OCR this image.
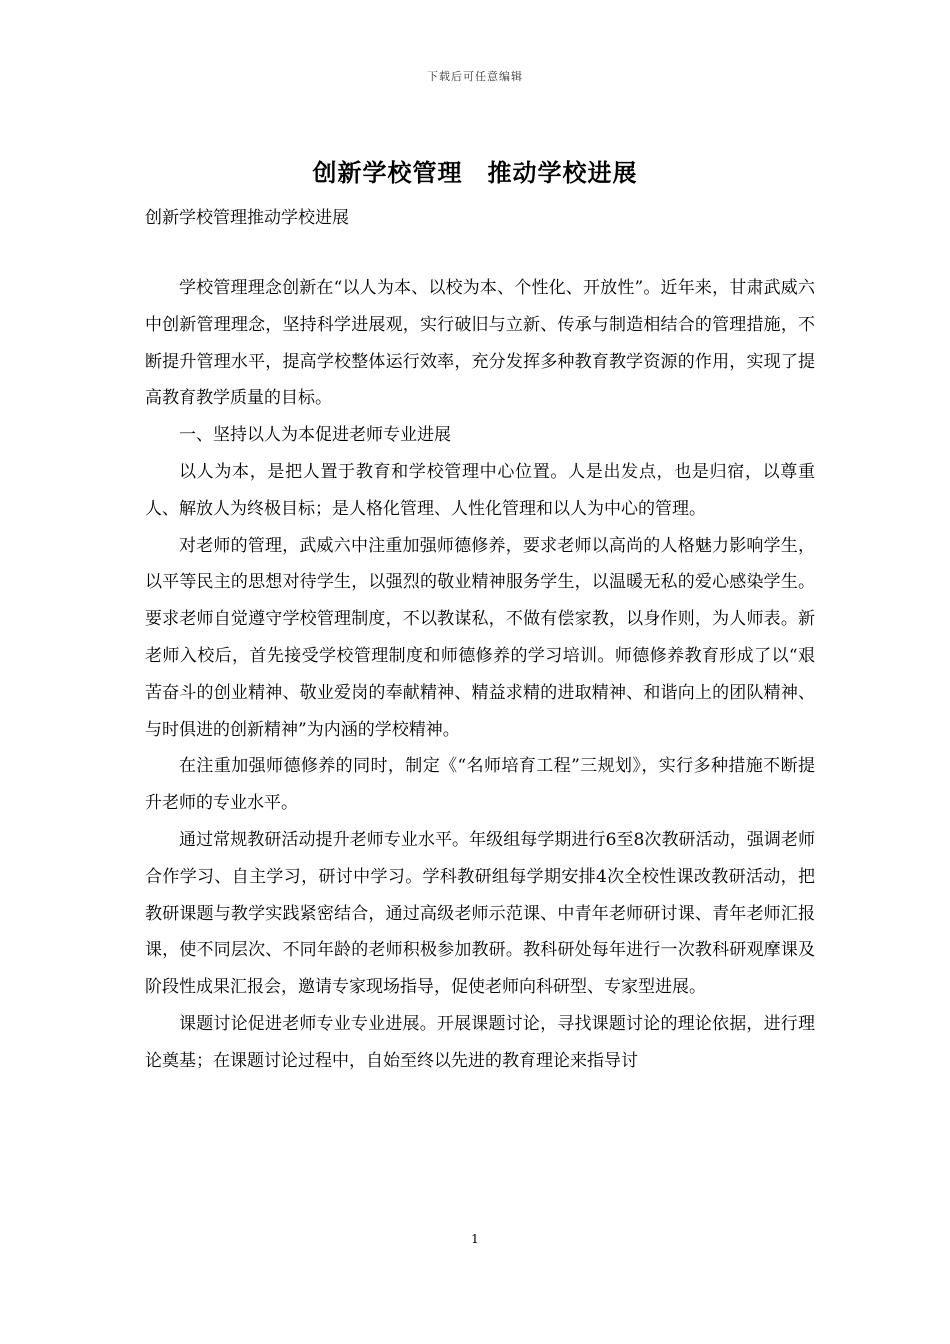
下载后可任意编辑
创新学校管理　推动学校进展
创新学校管理推动学校进展

学校管理理念创新在“以人为本、以校为本、个性化、开放性”。近年来，甘肃武威六中创新管理理念，坚持科学进展观，实行破旧与立新、传承与制造相结合的管理措施，不断提升管理水平，提高学校整体运行效率，充分发挥多种教育教学资源的作用，实现了提高教育教学质量的目标。

一、坚持以人为本促进老师专业进展

以人为本，是把人置于教育和学校管理中心位置。人是出发点，也是归宿，以尊重人、解放人为终极目标；是人格化管理、人性化管理和以人为中心的管理。

对老师的管理，武威六中注重加强师德修养，要求老师以高尚的人格魅力影响学生，以平等民主的思想对待学生，以强烈的敬业精神服务学生，以温暖无私的爱心感染学生。要求老师自觉遵守学校管理制度，不以教谋私，不做有偿家教，以身作则，为人师表。新老师入校后，首先接受学校管理制度和师德修养的学习培训。师德修养教育形成了以“艰苦奋斗的创业精神、敬业爱岗的奉献精神、精益求精的进取精神、和谐向上的团队精神、与时俱进的创新精神”为内涵的学校精神。

在注重加强师德修养的同时，制定《“名师培育工程”三规划》，实行多种措施不断提升老师的专业水平。

通过常规教研活动提升老师专业水平。年级组每学期进行6至8次教研活动，强调老师合作学习、自主学习，研讨中学习。学科教研组每学期安排4次全校性课改教研活动，把教研课题与教学实践紧密结合，通过高级老师示范课、中青年老师研讨课、青年老师汇报课，使不同层次、不同年龄的老师积极参加教研。教科研处每年进行一次教科研观摩课及阶段性成果汇报会，邀请专家现场指导，促使老师向科研型、专家型进展。

课题讨论促进老师专业专业进展。开展课题讨论，寻找课题讨论的理论依据，进行理论奠基；在课题讨论过程中，自始至终以先进的教育理论来指导讨

1
